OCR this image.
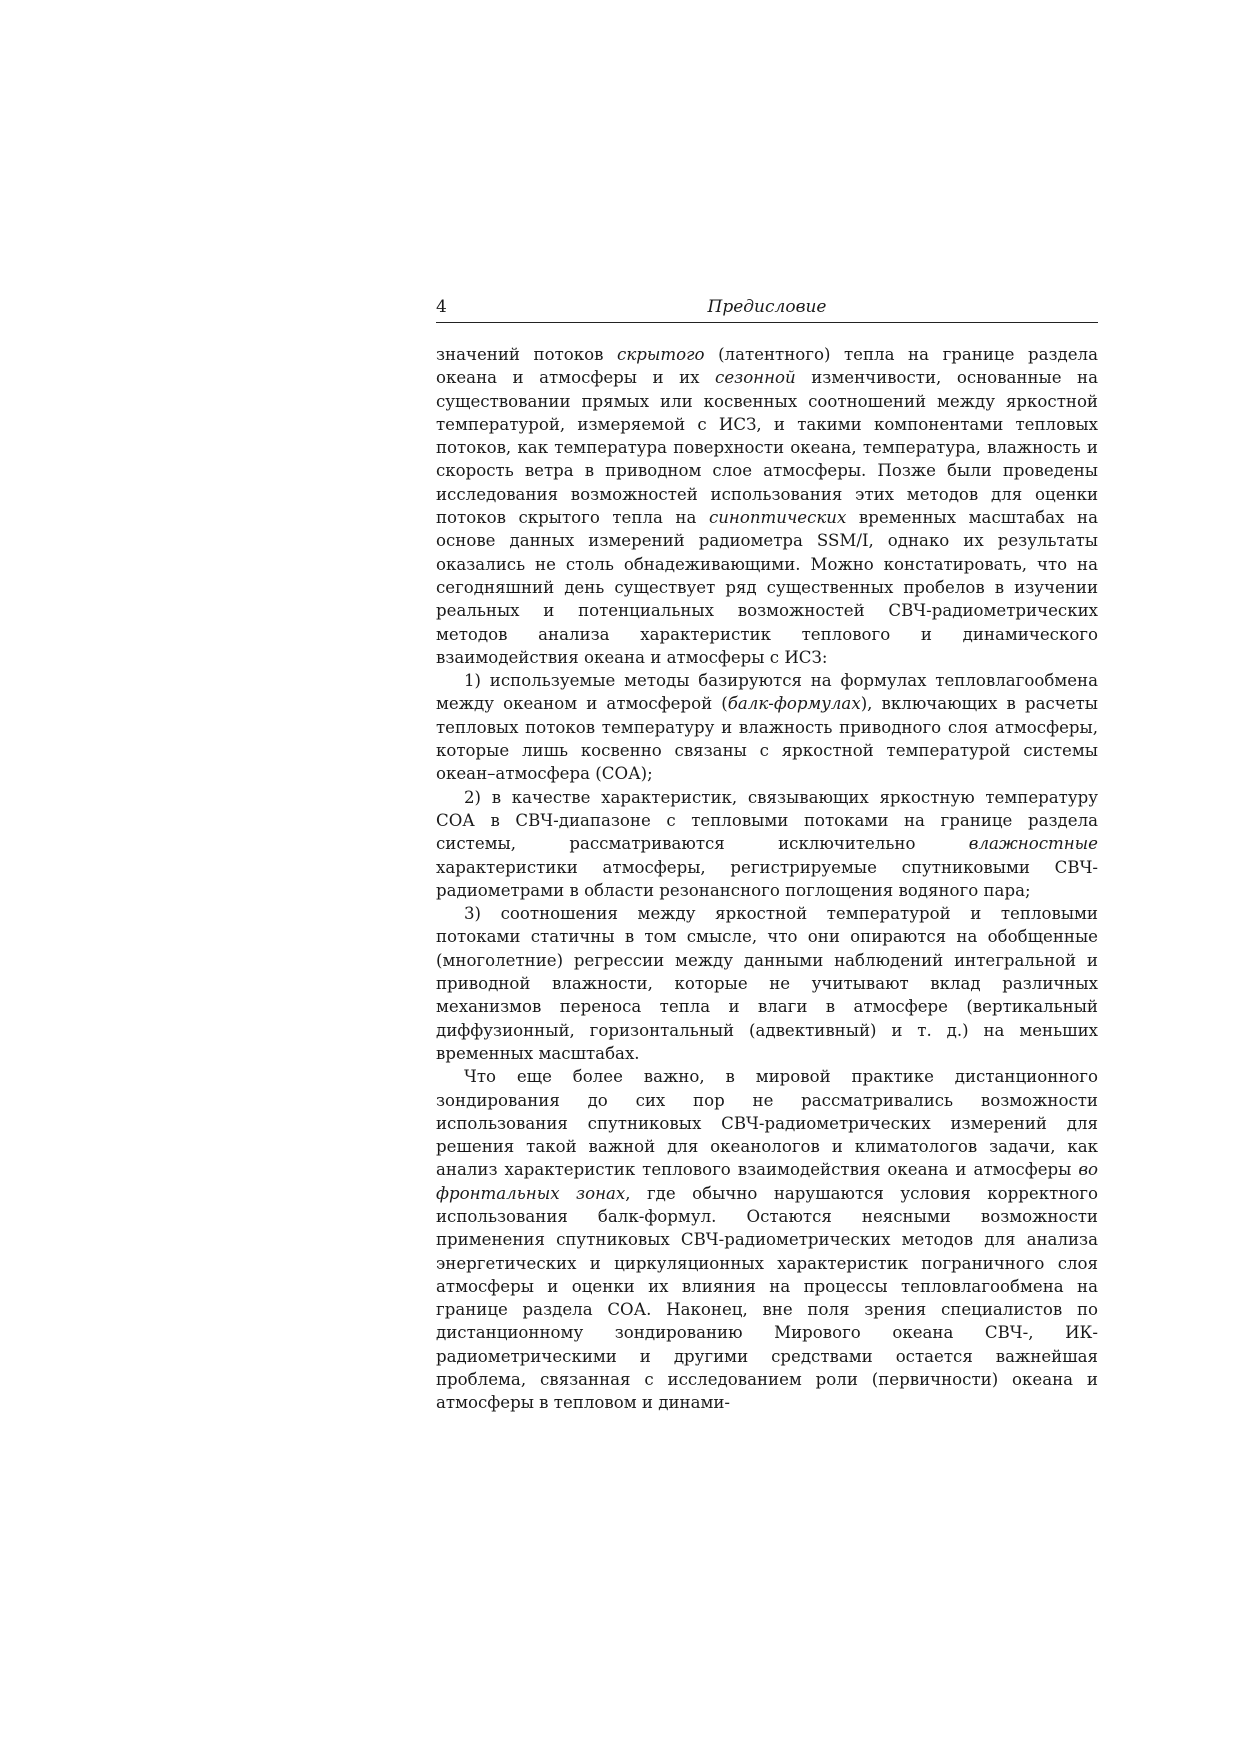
4	Предисловие

значений потоков скрытого (латентного) тепла на границе раздела океана и атмосферы и их сезонной изменчивости, основанные на существовании прямых или косвенных соотношений между яркостной температурой, измеряемой с ИСЗ, и такими компонентами тепловых потоков, как температура поверхности океана, температура, влажность и скорость ветра в приводном слое атмосферы. Позже были проведены исследования возможностей использования этих методов для оценки потоков скрытого тепла на синоптических временных масштабах на основе данных измерений радиометра SSM/I, однако их результаты оказались не столь обнадеживающими. Можно констатировать, что на сегодняшний день существует ряд существенных пробелов в изучении реальных и потенциальных возможностей СВЧ-радиометрических методов анализа характеристик теплового и динамического взаимодействия океана и атмосферы с ИСЗ:

1) используемые методы базируются на формулах тепловлагообмена между океаном и атмосферой (балк-формулах), включающих в расчеты тепловых потоков температуру и влажность приводного слоя атмосферы, которые лишь косвенно связаны с яркостной температурой системы океан–атмосфера (СОА);

2) в качестве характеристик, связывающих яркостную температуру СОА в СВЧ-диапазоне с тепловыми потоками на границе раздела системы, рассматриваются исключительно влажностные характеристики атмосферы, регистрируемые спутниковыми СВЧ-радиометрами в области резонансного поглощения водяного пара;

3) соотношения между яркостной температурой и тепловыми потоками статичны в том смысле, что они опираются на обобщенные (многолетние) регрессии между данными наблюдений интегральной и приводной влажности, которые не учитывают вклад различных механизмов переноса тепла и влаги в атмосфере (вертикальный диффузионный, горизонтальный (адвективный) и т. д.) на меньших временных масштабах.

Что еще более важно, в мировой практике дистанционного зондирования до сих пор не рассматривались возможности использования спутниковых СВЧ-радиометрических измерений для решения такой важной для океанологов и климатологов задачи, как анализ характеристик теплового взаимодействия океана и атмосферы во фронтальных зонах, где обычно нарушаются условия корректного использования балк-формул. Остаются неясными возможности применения спутниковых СВЧ-радиометрических методов для анализа энергетических и циркуляционных характеристик пограничного слоя атмосферы и оценки их влияния на процессы тепловлагообмена на границе раздела СОА. Наконец, вне поля зрения специалистов по дистанционному зондированию Мирового океана СВЧ-, ИК-радиометрическими и другими средствами остается важнейшая проблема, связанная с исследованием роли (первичности) океана и атмосферы в тепловом и динами-
